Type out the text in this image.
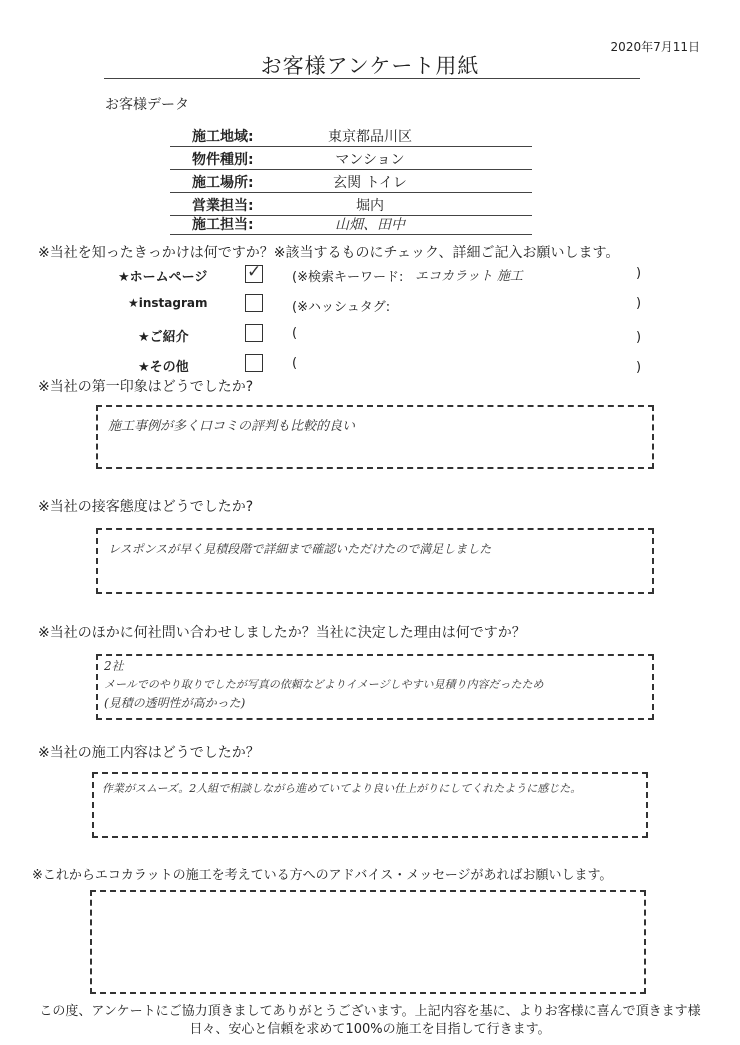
2020年7月11日
お客様アンケート用紙
お客様データ
施工地域:	東京都品川区
物件種別:	マンション
施工場所:	玄関 トイレ
営業担当:	堀内
施工担当:	山畑、田中
※当社を知ったきっかけは何ですか？※該当するものにチェック、詳細ご記入お願いします。
★ホームページ ✓ (※検索キーワード: エコカラット 施工	)
★instagram	(※ハッシュタグ:	)
★ご紹介	(	)
★その他	(	)
※当社の第一印象はどうでしたか?
施工事例が多く口コミの評判も比較的良い
※当社の接客態度はどうでしたか?
レスポンスが早く見積段階で詳細まで確認いただけたので満足しました
※当社のほかに何社問い合わせしましたか？当社に決定した理由は何ですか？
2社
メールでのやり取りでしたが写真の依頼などよりイメージしやすい見積り内容だったため
(見積の透明性が高かった)
※当社の施工内容はどうでしたか？
作業がスムーズ。2人組で相談しながら進めていてより良い仕上がりにしてくれたように感じた。
※これからエコカラットの施工を考えている方へのアドバイス・メッセージがあればお願いします。
この度、アンケートにご協力頂きましてありがとうございます。上記内容を基に、よりお客様に喜んで頂きます様
日々、安心と信頼を求めて100%の施工を目指して行きます。
